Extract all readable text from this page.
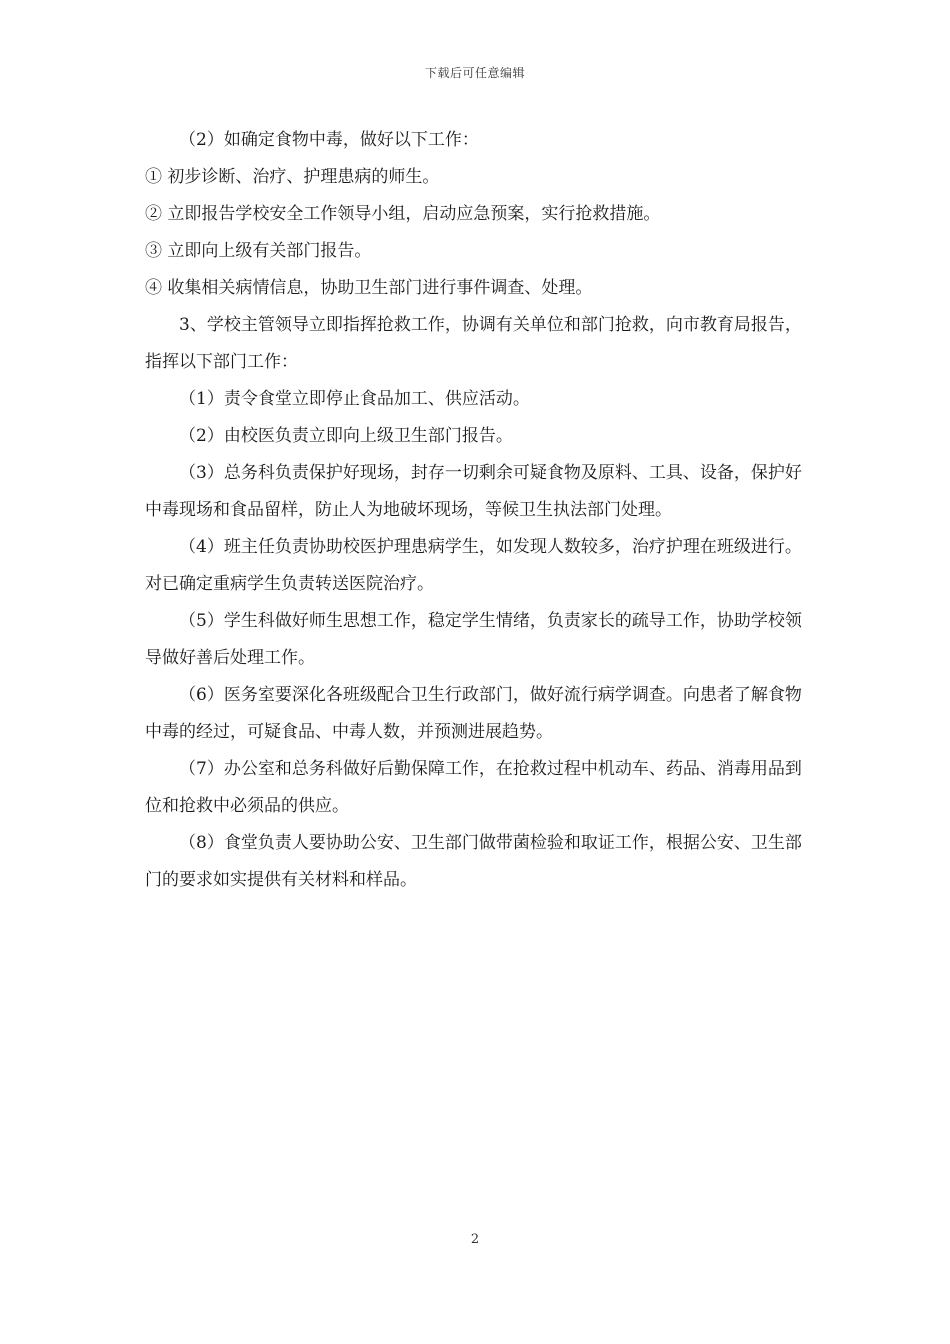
下载后可任意编辑

（2）如确定食物中毒，做好以下工作：

① 初步诊断、治疗、护理患病的师生。

② 立即报告学校安全工作领导小组，启动应急预案，实行抢救措施。

③ 立即向上级有关部门报告。

④ 收集相关病情信息，协助卫生部门进行事件调查、处理。

3、学校主管领导立即指挥抢救工作，协调有关单位和部门抢救，向市教育局报告，指挥以下部门工作：

（1）责令食堂立即停止食品加工、供应活动。

（2）由校医负责立即向上级卫生部门报告。

（3）总务科负责保护好现场，封存一切剩余可疑食物及原料、工具、设备，保护好中毒现场和食品留样，防止人为地破坏现场，等候卫生执法部门处理。

（4）班主任负责协助校医护理患病学生，如发现人数较多，治疗护理在班级进行。对已确定重病学生负责转送医院治疗。

（5）学生科做好师生思想工作，稳定学生情绪，负责家长的疏导工作，协助学校领导做好善后处理工作。

（6）医务室要深化各班级配合卫生行政部门，做好流行病学调查。向患者了解食物中毒的经过，可疑食品、中毒人数，并预测进展趋势。

（7）办公室和总务科做好后勤保障工作，在抢救过程中机动车、药品、消毒用品到位和抢救中必须品的供应。

（8）食堂负责人要协助公安、卫生部门做带菌检验和取证工作，根据公安、卫生部门的要求如实提供有关材料和样品。

2
